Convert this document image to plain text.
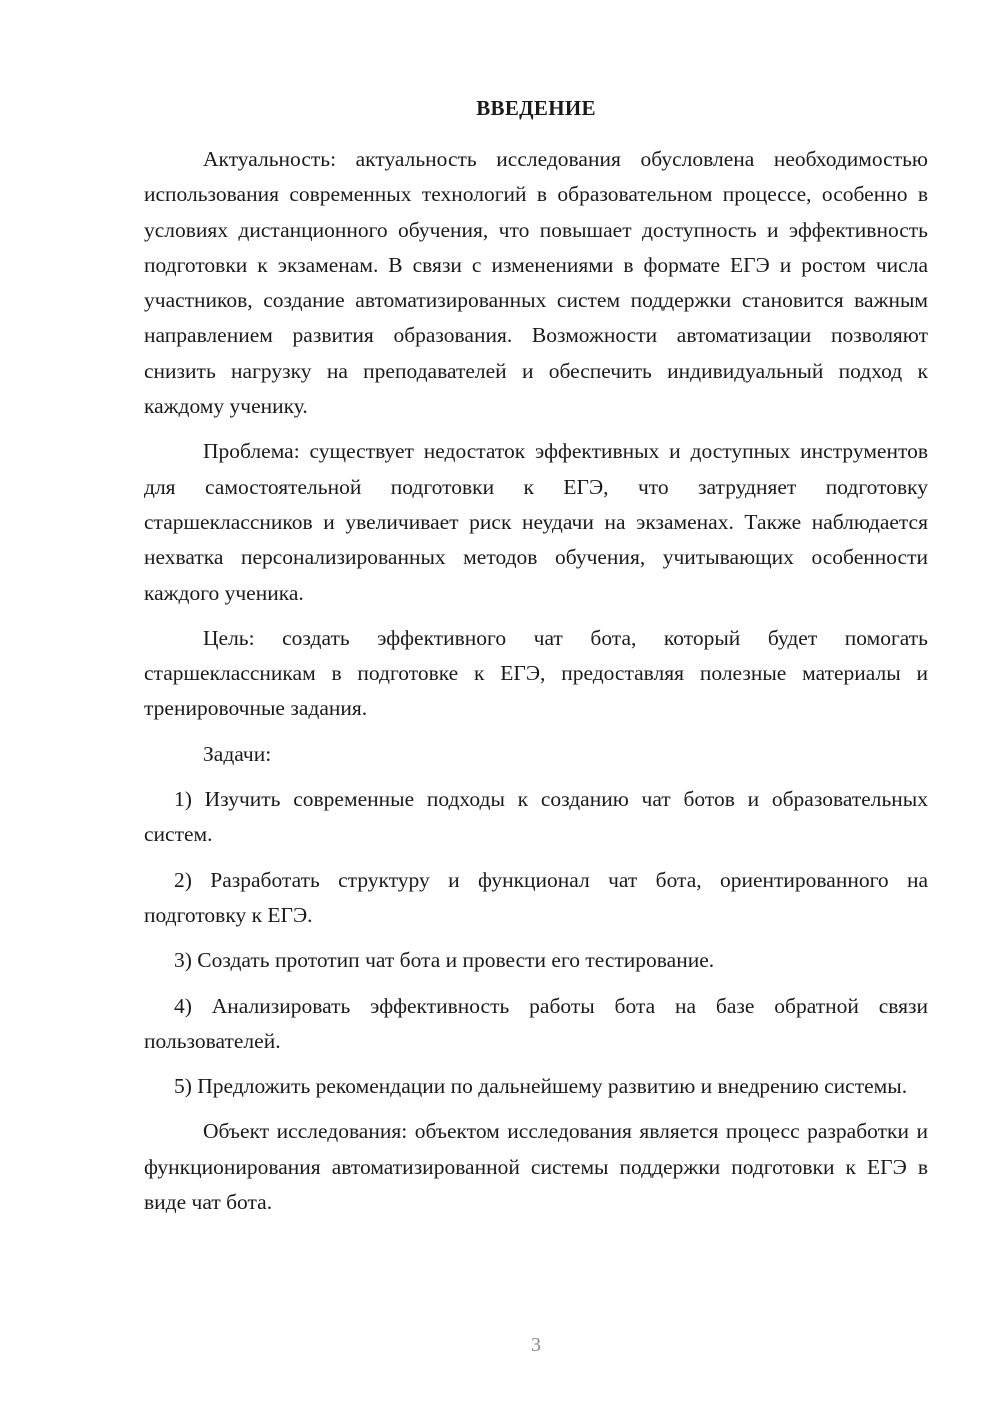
ВВЕДЕНИЕ

Актуальность: актуальность исследования обусловлена необходимостью использования современных технологий в образовательном процессе, особенно в условиях дистанционного обучения, что повышает доступность и эффективность подготовки к экзаменам. В связи с изменениями в формате ЕГЭ и ростом числа участников, создание автоматизированных систем поддержки становится важным направлением развития образования. Возможности автоматизации позволяют снизить нагрузку на преподавателей и обеспечить индивидуальный подход к каждому ученику.

Проблема: существует недостаток эффективных и доступных инструментов для самостоятельной подготовки к ЕГЭ, что затрудняет подготовку старшеклассников и увеличивает риск неудачи на экзаменах. Также наблюдается нехватка персонализированных методов обучения, учитывающих особенности каждого ученика.

Цель: создать эффективного чат бота, который будет помогать старшеклассникам в подготовке к ЕГЭ, предоставляя полезные материалы и тренировочные задания.

Задачи:

1) Изучить современные подходы к созданию чат ботов и образовательных систем.

2) Разработать структуру и функционал чат бота, ориентированного на подготовку к ЕГЭ.

3) Создать прототип чат бота и провести его тестирование.

4) Анализировать эффективность работы бота на базе обратной связи пользователей.

5) Предложить рекомендации по дальнейшему развитию и внедрению системы.

Объект исследования: объектом исследования является процесс разработки и функционирования автоматизированной системы поддержки подготовки к ЕГЭ в виде чат бота.

3
